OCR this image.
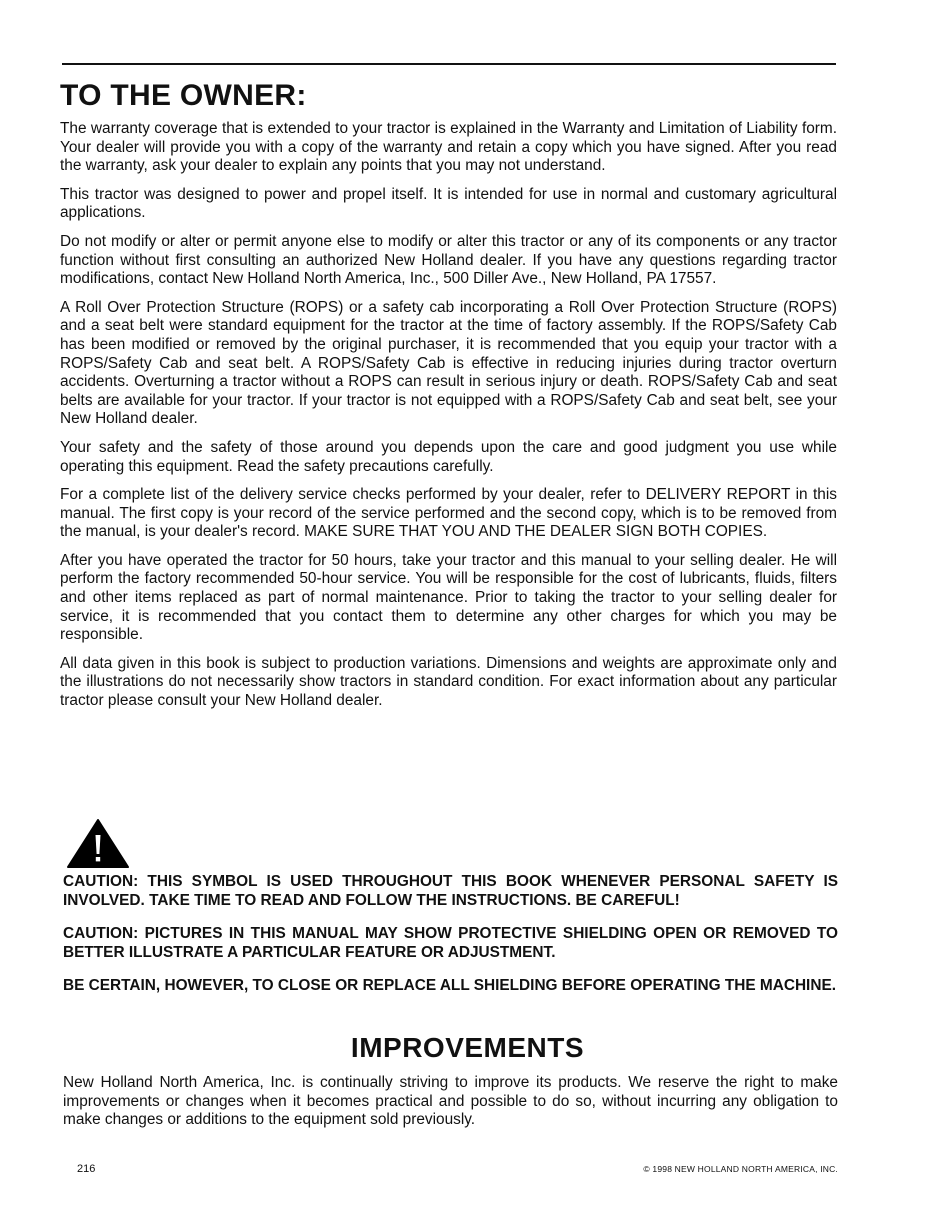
TO THE OWNER:

The warranty coverage that is extended to your tractor is explained in the Warranty and Limitation of Liability form. Your dealer will provide you with a copy of the warranty and retain a copy which you have signed. After you read the warranty, ask your dealer to explain any points that you may not understand.

This tractor was designed to power and propel itself. It is intended for use in normal and customary agricultural applications.

Do not modify or alter or permit anyone else to modify or alter this tractor or any of its components or any tractor function without first consulting an authorized New Holland dealer. If you have any questions regarding tractor modifications, contact New Holland North America, Inc., 500 Diller Ave., New Holland, PA 17557.

A Roll Over Protection Structure (ROPS) or a safety cab incorporating a Roll Over Protection Structure (ROPS) and a seat belt were standard equipment for the tractor at the time of factory assembly. If the ROPS/Safety Cab has been modified or removed by the original purchaser, it is recommended that you equip your tractor with a ROPS/Safety Cab and seat belt. A ROPS/Safety Cab is effective in reducing injuries during tractor overturn accidents. Overturning a tractor without a ROPS can result in serious injury or death. ROPS/Safety Cab and seat belts are available for your tractor. If your tractor is not equipped with a ROPS/Safety Cab and seat belt, see your New Holland dealer.

Your safety and the safety of those around you depends upon the care and good judgment you use while operating this equipment. Read the safety precautions carefully.

For a complete list of the delivery service checks performed by your dealer, refer to DELIVERY REPORT in this manual. The first copy is your record of the service performed and the second copy, which is to be removed from the manual, is your dealer's record. MAKE SURE THAT YOU AND THE DEALER SIGN BOTH COPIES.

After you have operated the tractor for 50 hours, take your tractor and this manual to your selling dealer. He will perform the factory recommended 50-hour service. You will be responsible for the cost of lubricants, fluids, filters and other items replaced as part of normal maintenance. Prior to taking the tractor to your selling dealer for service, it is recommended that you contact them to determine any other charges for which you may be responsible.

All data given in this book is subject to production variations. Dimensions and weights are approximate only and the illustrations do not necessarily show tractors in standard condition. For exact information about any particular tractor please consult your New Holland dealer.

CAUTION: THIS SYMBOL IS USED THROUGHOUT THIS BOOK WHENEVER PERSONAL SAFETY IS INVOLVED. TAKE TIME TO READ AND FOLLOW THE INSTRUCTIONS. BE CAREFUL!

CAUTION: PICTURES IN THIS MANUAL MAY SHOW PROTECTIVE SHIELDING OPEN OR REMOVED TO BETTER ILLUSTRATE A PARTICULAR FEATURE OR ADJUSTMENT.

BE CERTAIN, HOWEVER, TO CLOSE OR REPLACE ALL SHIELDING BEFORE OPERATING THE MACHINE.

IMPROVEMENTS

New Holland North America, Inc. is continually striving to improve its products. We reserve the right to make improvements or changes when it becomes practical and possible to do so, without incurring any obligation to make changes or additions to the equipment sold previously.

216	© 1998 NEW HOLLAND NORTH AMERICA, INC.
